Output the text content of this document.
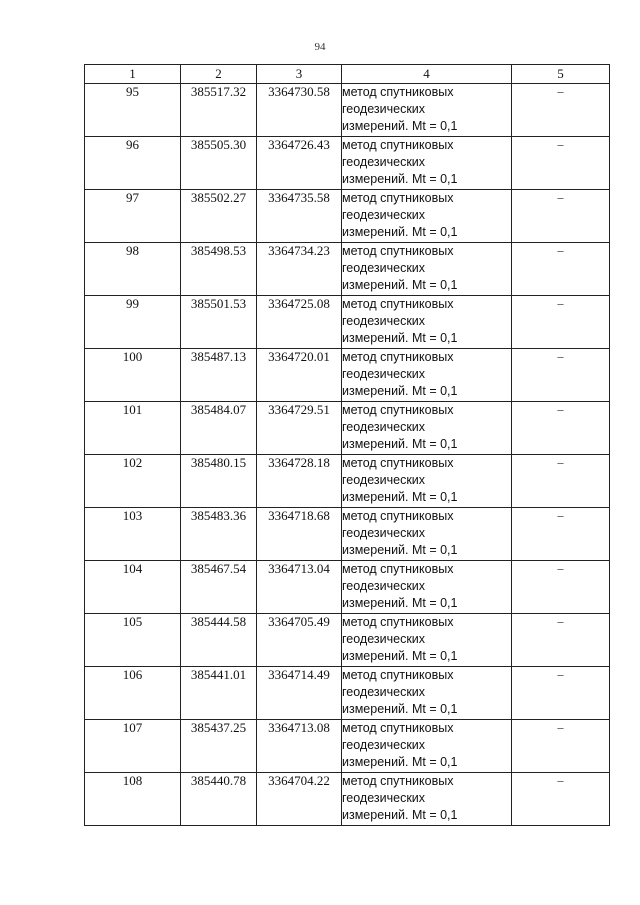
94
1	2	3	4	5
95	385517.32	3364730.58	метод спутниковых
геодезических
измерений. Mt = 0,1	–
96	385505.30	3364726.43	метод спутниковых
геодезических
измерений. Mt = 0,1	–
97	385502.27	3364735.58	метод спутниковых
геодезических
измерений. Mt = 0,1	–
98	385498.53	3364734.23	метод спутниковых
геодезических
измерений. Mt = 0,1	–
99	385501.53	3364725.08	метод спутниковых
геодезических
измерений. Mt = 0,1	–
100	385487.13	3364720.01	метод спутниковых
геодезических
измерений. Mt = 0,1	–
101	385484.07	3364729.51	метод спутниковых
геодезических
измерений. Mt = 0,1	–
102	385480.15	3364728.18	метод спутниковых
геодезических
измерений. Mt = 0,1	–
103	385483.36	3364718.68	метод спутниковых
геодезических
измерений. Mt = 0,1	–
104	385467.54	3364713.04	метод спутниковых
геодезических
измерений. Mt = 0,1	–
105	385444.58	3364705.49	метод спутниковых
геодезических
измерений. Mt = 0,1	–
106	385441.01	3364714.49	метод спутниковых
геодезических
измерений. Mt = 0,1	–
107	385437.25	3364713.08	метод спутниковых
геодезических
измерений. Mt = 0,1	–
108	385440.78	3364704.22	метод спутниковых
геодезических
измерений. Mt = 0,1	–
